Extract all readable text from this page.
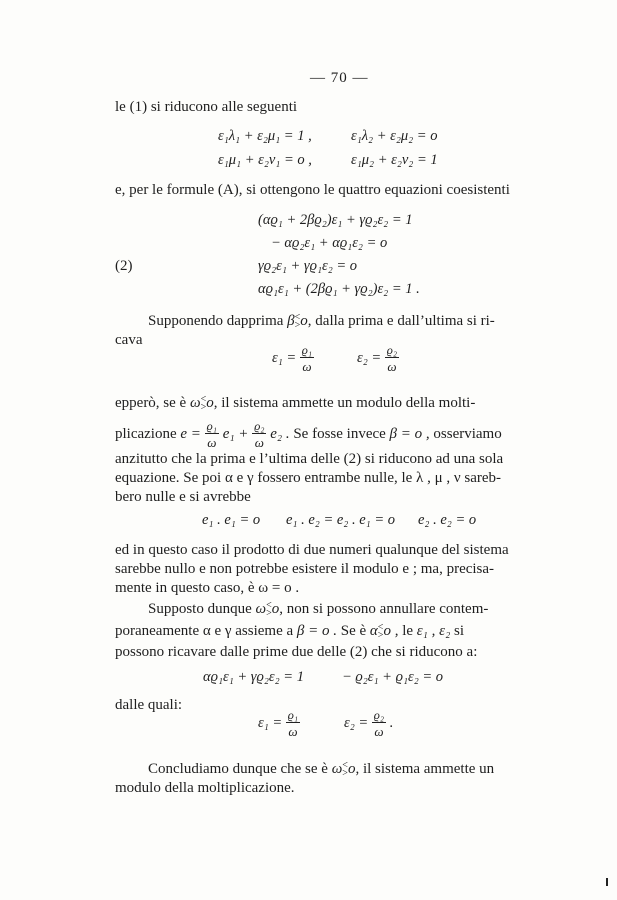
— 70 —
le (1) si riducono alle seguenti
ε₁λ₁ + ε₂μ₁ = 1 ,	ε₁λ₂ + ε₂μ₂ = o
ε₁μ₁ + ε₂ν₁ = o ,	ε₁μ₂ + ε₂ν₂ = 1
e, per le formule (A), si ottengono le quattro equazioni coesistenti
(αϱ₁ + 2βϱ₂)ε₁ + γϱ₂ε₂ = 1
− αϱ₂ε₁ + αϱ₁ε₂ = o
(2)	γϱ₂ε₁ + γϱ₁ε₂ = o
αϱ₁ε₁ + (2βϱ₁ + γϱ₂)ε₂ = 1 .
Supponendo dapprima β <
> o, dalla prima e dall’ultima si ri-
cava
$\varepsilon_1 = \frac{\text{ϱ₁}}{\omega}$	$\varepsilon_2 = \frac{\text{ϱ₂}}{\omega}$
epperò, se è ω <
> o, il sistema ammette un modulo della molti-
plicazione $e = \frac{\text{ϱ₁}}{\omega} e_1 + \frac{\text{ϱ₂}}{\omega} e_2$ . Se fosse invece β = o , osserviamo
anzitutto che la prima e l’ultima delle (2) si riducono ad una sola
equazione. Se poi α e γ fossero entrambe nulle, le λ , μ , ν sareb-
bero nulle e si avrebbe
e₁ . e₁ = o e₁ . e₂ = e₂ . e₁ = o e₂ . e₂ = o
ed in questo caso il prodotto di due numeri qualunque del sistema
sarebbe nullo e non potrebbe esistere il modulo e ; ma, precisa-
mente in questo caso, è ω = o .
Supposto dunque ω <
> o, non si possono annullare contem-
poraneamente α e γ assieme a β = o . Se è α <
> o , le ε₁ , ε₂ si
possono ricavare dalle prime due delle (2) che si riducono a:
αϱ₁ε₁ + γϱ₂ε₂ = 1	− ϱ₂ε₁ + ϱ₁ε₂ = o
dalle quali:
$\varepsilon_1 = \frac{\text{ϱ₁}}{\omega}$	$\varepsilon_2 = \frac{\text{ϱ₂}}{\omega}$ .
Concludiamo dunque che se è ω <
> o, il sistema ammette un
modulo della moltiplicazione.
